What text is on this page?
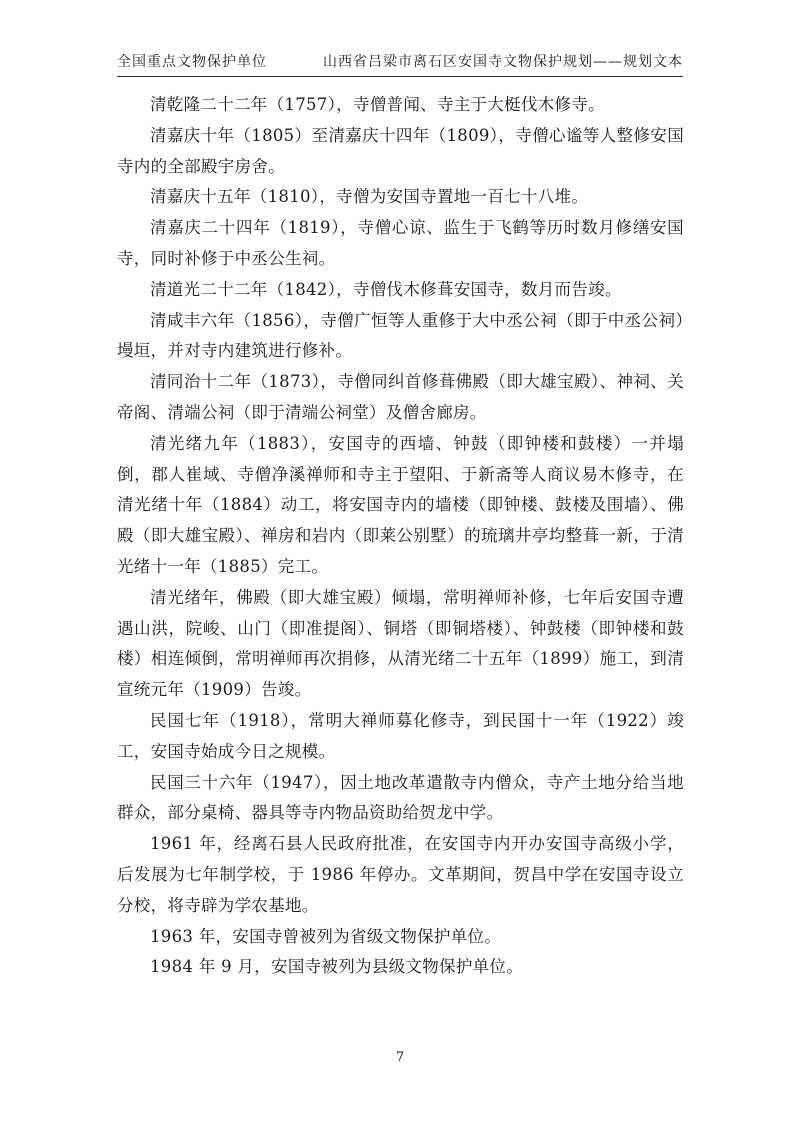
全国重点文物保护单位	山西省吕梁市离石区安国寺文物保护规划——规划文本

清乾隆二十二年（1757），寺僧普闻、寺主于大梃伐木修寺。

清嘉庆十年（1805）至清嘉庆十四年（1809），寺僧心谧等人整修安国寺内的全部殿宇房舍。

清嘉庆十五年（1810），寺僧为安国寺置地一百七十八堆。

清嘉庆二十四年（1819），寺僧心谅、监生于飞鹤等历时数月修缮安国寺，同时补修于中丞公生祠。

清道光二十二年（1842），寺僧伐木修葺安国寺，数月而告竣。

清咸丰六年（1856），寺僧广恒等人重修于大中丞公祠（即于中丞公祠）墁垣，并对寺内建筑进行修补。

清同治十二年（1873），寺僧同纠首修葺佛殿（即大雄宝殿）、神祠、关帝阁、清端公祠（即于清端公祠堂）及僧舍廊房。

清光绪九年（1883），安国寺的西墙、钟鼓（即钟楼和鼓楼）一并塌倒，郡人崔域、寺僧净溪禅师和寺主于望阳、于新斋等人商议易木修寺，在清光绪十年（1884）动工，将安国寺内的墙楼（即钟楼、鼓楼及围墙）、佛殿（即大雄宝殿）、禅房和岩内（即莱公别墅）的琉璃井亭均整葺一新，于清光绪十一年（1885）完工。

清光绪年，佛殿（即大雄宝殿）倾塌，常明禅师补修，七年后安国寺遭遇山洪，院峻、山门（即准提阁）、铜塔（即铜塔楼）、钟鼓楼（即钟楼和鼓楼）相连倾倒，常明禅师再次捐修，从清光绪二十五年（1899）施工，到清宣统元年（1909）告竣。

民国七年（1918），常明大禅师募化修寺，到民国十一年（1922）竣工，安国寺始成今日之规模。

民国三十六年（1947），因土地改革遣散寺内僧众，寺产土地分给当地群众，部分桌椅、器具等寺内物品资助给贺龙中学。

1961 年，经离石县人民政府批准，在安国寺内开办安国寺高级小学，后发展为七年制学校，于 1986 年停办。文革期间，贺昌中学在安国寺设立分校，将寺辟为学农基地。

1963 年，安国寺曾被列为省级文物保护单位。

1984 年 9 月，安国寺被列为县级文物保护单位。

7
